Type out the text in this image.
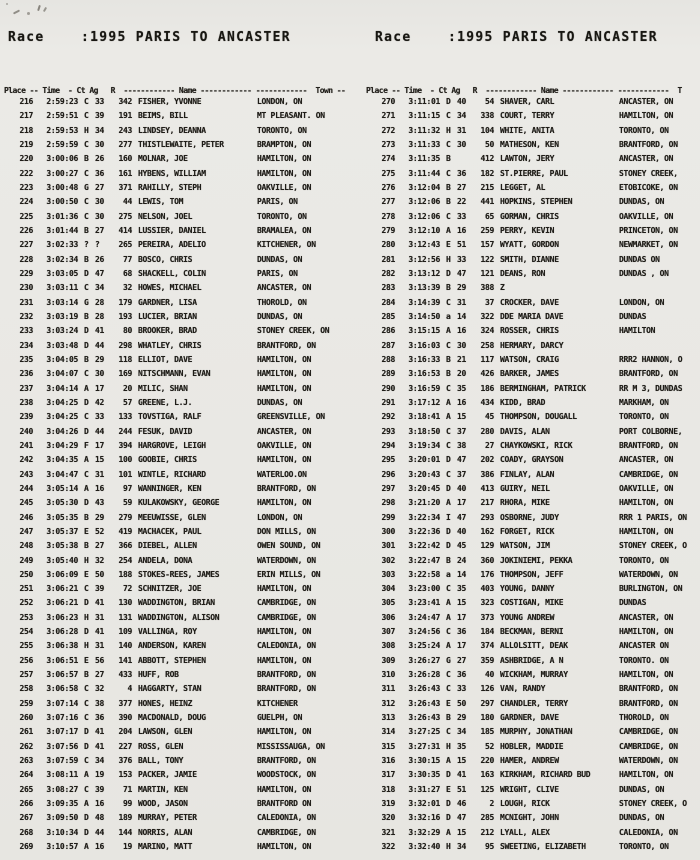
Race    :1995 PARIS TO ANCASTER	Race    :1995 PARIS TO ANCASTER
Place -- Time  - Ct Ag   R  ------------ Name ------------ ------------  Town --	Place -- Time  - Ct Ag   R  ------------ Name ------------ ------------  T
216	2:59:23 C 33	342 FISHER, YVONNE	LONDON, ON
217	2:59:51 C 39	191 BEIMS, BILL	MT PLEASANT. ON
218	2:59:53 H 34	243 LINDSEY, DEANNA	TORONTO, ON
219	2:59:59 C 30	277 THISTLEWAITE, PETER	BRAMPTON, ON
220	3:00:06 B 26	160 MOLNAR, JOE	HAMILTON, ON
222	3:00:27 C 36	161 HYBENS, WILLIAM	HAMILTON, ON
223	3:00:48 G 27	371 RAHILLY, STEPH	OAKVILLE, ON
224	3:00:50 C 30	44 LEWIS, TOM	PARIS, ON
225	3:01:36 C 30	275 NELSON, JOEL	TORONTO, ON
226	3:01:44 B 27	414 LUSSIER, DANIEL	BRAMALEA, ON
227	3:02:33 ? ?	265 PEREIRA, ADELIO	KITCHENER, ON
228	3:02:34 B 26	77 BOSCO, CHRIS	DUNDAS, ON
229	3:03:05 D 47	68 SHACKELL, COLIN	PARIS, ON
230	3:03:11 C 34	32 HOWES, MICHAEL	ANCASTER, ON
231	3:03:14 G 28	179 GARDNER, LISA	THOROLD, ON
232	3:03:19 B 28	193 LUCIER, BRIAN	DUNDAS, ON
233	3:03:24 D 41	80 BROOKER, BRAD	STONEY CREEK, ON
234	3:03:48 D 44	298 WHATLEY, CHRIS	BRANTFORD, ON
235	3:04:05 B 29	118 ELLIOT, DAVE	HAMILTON, ON
236	3:04:07 C 30	169 NITSCHMANN, EVAN	HAMILTON, ON
237	3:04:14 A 17	20 MILIC, SHAN	HAMILTON, ON
238	3:04:25 D 42	57 GREENE, L.J.	DUNDAS, ON
239	3:04:25 C 33	133 TOVSTIGA, RALF	GREENSVILLE, ON
240	3:04:26 D 44	244 FESUK, DAVID	ANCASTER, ON
241	3:04:29 F 17	394 HARGROVE, LEIGH	OAKVILLE, ON
242	3:04:35 A 15	100 GOOBIE, CHRIS	HAMILTON, ON
243	3:04:47 C 31	101 WINTLE, RICHARD	WATERLOO.ON
244	3:05:14 A 16	97 WANNINGER, KEN	BRANTFORD, ON
245	3:05:30 D 43	59 KULAKOWSKY, GEORGE	HAMILTON, ON
246	3:05:35 B 29	279 MEEUWISSE, GLEN	LONDON, ON
247	3:05:37 E 52	419 MACHACEK, PAUL	DON MILLS, ON
248	3:05:38 B 27	366 DIEBEL, ALLEN	OWEN SOUND, ON
249	3:05:40 H 32	254 ANDELA, DONA	WATERDOWN, ON
250	3:06:09 E 50	188 STOKES-REES, JAMES	ERIN MILLS, ON
251	3:06:21 C 39	72 SCHNITZER, JOE	HAMILTON, ON
252	3:06:21 D 41	130 WADDINGTON, BRIAN	CAMBRIDGE, ON
253	3:06:23 H 31	131 WADDINGTON, ALISON	CAMBRIDGE, ON
254	3:06:28 D 41	109 VALLINGA, ROY	HAMILTON, ON
255	3:06:38 H 31	140 ANDERSON, KAREN	CALEDONIA, ON
256	3:06:51 E 56	141 ABBOTT, STEPHEN	HAMILTON, ON
257	3:06:57 B 27	433 HUFF, ROB	BRANTFORD, ON
258	3:06:58 C 32	4 HAGGARTY, STAN	BRANTFORD, ON
259	3:07:14 C 38	377 HONES, HEINZ	KITCHENER
260	3:07:16 C 36	390 MACDONALD, DOUG	GUELPH, ON
261	3:07:17 D 41	204 LAWSON, GLEN	HAMILTON, ON
262	3:07:56 D 41	227 ROSS, GLEN	MISSISSAUGA, ON
263	3:07:59 C 34	376 BALL, TONY	BRANTFORD, ON
264	3:08:11 A 19	153 PACKER, JAMIE	WOODSTOCK, ON
265	3:08:27 C 39	71 MARTIN, KEN	HAMILTON, ON
266	3:09:35 A 16	99 WOOD, JASON	BRANTFORD ON
267	3:09:50 D 48	189 MURRAY, PETER	CALEDONIA, ON
268	3:10:34 D 44	144 NORRIS, ALAN	CAMBRIDGE, ON
269	3:10:57 A 16	19 MARINO, MATT	HAMILTON, ON
270	3:11:01 D 40	54 SHAVER, CARL	ANCASTER, ON
271	3:11:15 C 34	338 COURT, TERRY	HAMILTON, ON
272	3:11:32 H 31	104 WHITE, ANITA	TORONTO, ON
273	3:11:33 C 30	50 MATHESON, KEN	BRANTFORD, ON
274	3:11:35 B	412 LAWTON, JERY	ANCASTER, ON
275	3:11:44 C 36	182 ST.PIERRE, PAUL	STONEY CREEK,
276	3:12:04 B 27	215 LEGGET, AL	ETOBICOKE, ON
277	3:12:06 B 22	441 HOPKINS, STEPHEN	DUNDAS, ON
278	3:12:06 C 33	65 GORMAN, CHRIS	OAKVILLE, ON
279	3:12:10 A 16	259 PERRY, KEVIN	PRINCETON, ON
280	3:12:43 E 51	157 WYATT, GORDON	NEWMARKET, ON
281	3:12:56 H 33	122 SMITH, DIANNE	DUNDAS ON
282	3:13:12 D 47	121 DEANS, RON	DUNDAS , ON
283	3:13:39 B 29	388 Z
284	3:14:39 C 31	37 CROCKER, DAVE	LONDON, ON
285	3:14:50 a 14	322 DDE MARIA DAVE	DUNDAS
286	3:15:15 A 16	324 ROSSER, CHRIS	HAMILTON
287	3:16:03 C 30	258 HERMARY, DARCY
288	3:16:33 B 21	117 WATSON, CRAIG	RRR2 HANNON, O
289	3:16:53 B 20	426 BARKER, JAMES	BRANTFORD, ON
290	3:16:59 C 35	186 BERMINGHAM, PATRICK	RR M 3, DUNDAS
291	3:17:12 A 16	434 KIDD, BRAD	MARKHAM, ON
292	3:18:41 A 15	45 THOMPSON, DOUGALL	TORONTO, ON
293	3:18:50 C 37	280 DAVIS, ALAN	PORT COLBORNE,
294	3:19:34 C 38	27 CHAYKOWSKI, RICK	BRANTFORD, ON
295	3:20:01 D 47	202 COADY, GRAYSON	ANCASTER, ON
296	3:20:43 C 37	386 FINLAY, ALAN	CAMBRIDGE, ON
297	3:20:45 D 40	413 GUIRY, NEIL	OAKVILLE, ON
298	3:21:20 A 17	217 RHORA, MIKE	HAMILTON, ON
299	3:22:34 I 47	293 OSBORNE, JUDY	RRR 1 PARIS, ON
300	3:22:36 D 40	162 FORGET, RICK	HAMILTON, ON
301	3:22:42 D 45	129 WATSON, JIM	STONEY CREEK, O
302	3:22:47 B 24	360 JOKINIEMI, PEKKA	TORONTO, ON
303	3:22:58 a 14	176 THOMPSON, JEFF	WATERDOWN, ON
304	3:23:00 C 35	403 YOUNG, DANNY	BURLINGTON, ON
305	3:23:41 A 15	323 COSTIGAN, MIKE	DUNDAS
306	3:24:47 A 17	373 YOUNG ANDREW	ANCASTER, ON
307	3:24:56 C 36	184 BECKMAN, BERNI	HAMILTON, ON
308	3:25:24 A 17	374 ALLOLSITT, DEAK	ANCASTER ON
309	3:26:27 G 27	359 ASHBRIDGE, A N	TORONTO. ON
310	3:26:28 C 36	40 WICKHAM, MURRAY	HAMILTON, ON
311	3:26:43 C 33	126 VAN, RANDY	BRANTFORD, ON
312	3:26:43 E 50	297 CHANDLER, TERRY	BRANTFORD, ON
313	3:26:43 B 29	180 GARDNER, DAVE	THOROLD, ON
314	3:27:25 C 34	185 MURPHY, JONATHAN	CAMBRIDGE, ON
315	3:27:31 H 35	52 HOBLER, MADDIE	CAMBRIDGE, ON
316	3:30:15 A 15	220 HAMER, ANDREW	WATERDOWN, ON
317	3:30:35 D 41	163 KIRKHAM, RICHARD BUD	HAMILTON, ON
318	3:31:27 E 51	125 WRIGHT, CLIVE	DUNDAS, ON
319	3:32:01 D 46	2 LOUGH, RICK	STONEY CREEK, O
320	3:32:16 D 47	285 MCNIGHT, JOHN	DUNDAS, ON
321	3:32:29 A 15	212 LYALL, ALEX	CALEDONIA, ON
322	3:32:40 H 34	95 SWEETING, ELIZABETH	TORONTO, ON
